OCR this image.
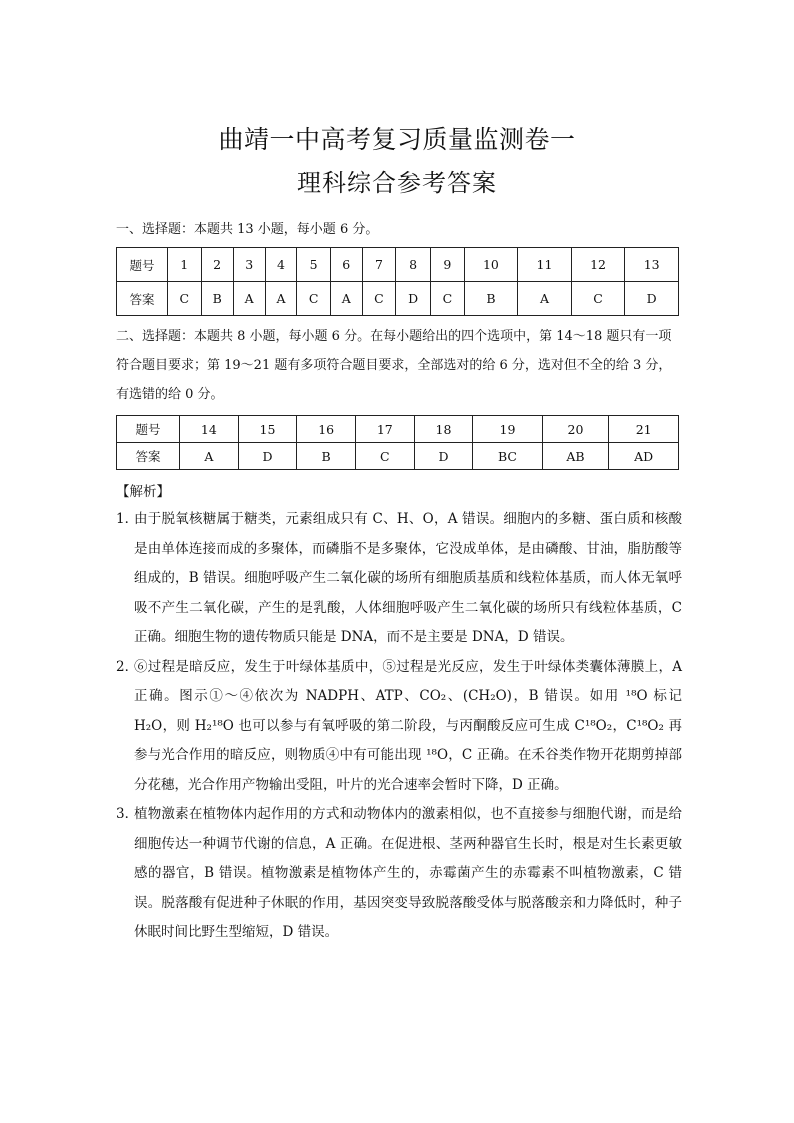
曲靖一中高考复习质量监测卷一
理科综合参考答案
一、选择题：本题共 13 小题，每小题 6 分。
题号	1	2	3	4	5	6	7	8	9	10	11	12	13
答案	C	B	A	A	C	A	C	D	C	B	A	C	D
二、选择题：本题共 8 小题，每小题 6 分。在每小题给出的四个选项中，第 14～18 题只有一项符合题目要求；第 19～21 题有多项符合题目要求，全部选对的给 6 分，选对但不全的给 3 分，有选错的给 0 分。
题号	14	15	16	17	18	19	20	21
答案	A	D	B	C	D	BC	AB	AD
【解析】
1．
由于脱氧核糖属于糖类，元素组成只有 C、H、O，A 错误。细胞内的多糖、蛋白质和核酸是由单体连接而成的多聚体，而磷脂不是多聚体，它没成单体，是由磷酸、甘油，脂肪酸等组成的，B 错误。细胞呼吸产生二氧化碳的场所有细胞质基质和线粒体基质，而人体无氧呼吸不产生二氧化碳，产生的是乳酸，人体细胞呼吸产生二氧化碳的场所只有线粒体基质，C 正确。细胞生物的遗传物质只能是 DNA，而不是主要是 DNA，D 错误。
2．
⑥过程是暗反应，发生于叶绿体基质中，⑤过程是光反应，发生于叶绿体类囊体薄膜上，A 正确。图示①～④依次为 NADPH、ATP、CO₂、(CH₂O)，B 错误。如用 ¹⁸O 标记 H₂O，则 H₂¹⁸O 也可以参与有氧呼吸的第二阶段，与丙酮酸反应可生成 C¹⁸O₂，C¹⁸O₂ 再参与光合作用的暗反应，则物质④中有可能出现 ¹⁸O，C 正确。在禾谷类作物开花期剪掉部分花穗，光合作用产物输出受阻，叶片的光合速率会暂时下降，D 正确。
3．
植物激素在植物体内起作用的方式和动物体内的激素相似，也不直接参与细胞代谢，而是给细胞传达一种调节代谢的信息，A 正确。在促进根、茎两种器官生长时，根是对生长素更敏感的器官，B 错误。植物激素是植物体产生的，赤霉菌产生的赤霉素不叫植物激素，C 错误。脱落酸有促进种子休眠的作用，基因突变导致脱落酸受体与脱落酸亲和力降低时，种子休眠时间比野生型缩短，D 错误。
